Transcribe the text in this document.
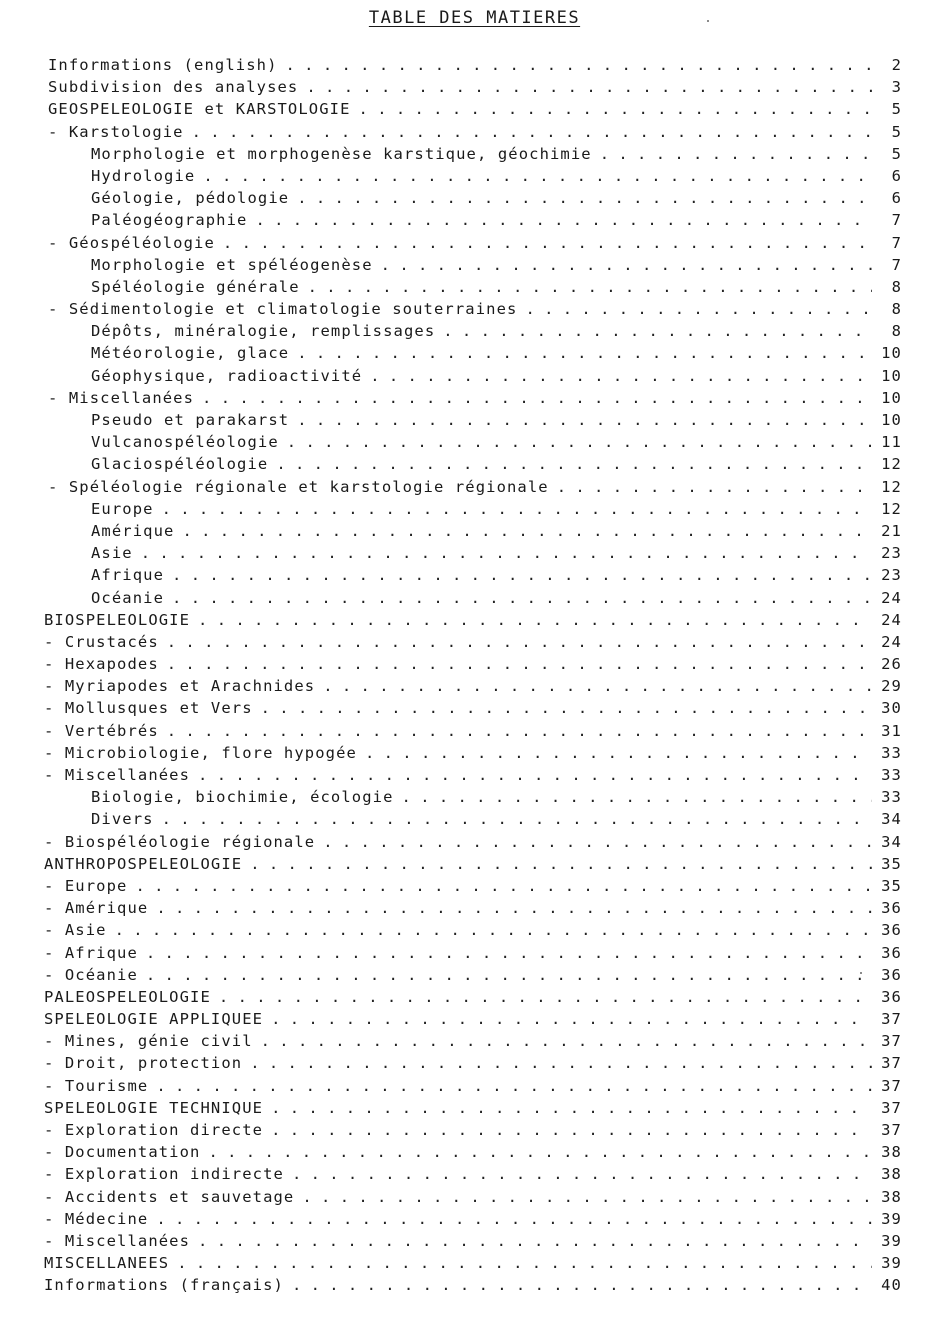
TABLE DES MATIERES
Informations (english) . . .	2
Subdivision des analyses . . .	3
GEOSPELEOLOGIE et KARSTOLOGIE . . .	5
- Karstologie . . .	5
Morphologie et morphogenèse karstique, géochimie . . .	5
Hydrologie . . .	6
Géologie, pédologie . . .	6
Paléogéographie . . .	7
- Géospéléologie . . .	7
Morphologie et spéléogenèse . . .	7
Spéléologie générale . . .	8
- Sédimentologie et climatologie souterraines . . .	8
Dépôts, minéralogie, remplissages . . .	8
Météorologie, glace . . .	10
Géophysique, radioactivité . . .	10
- Miscellanées . . .	10
Pseudo et parakarst . . .	10
Vulcanospéléologie . . .	11
Glaciospéléologie . . .	12
- Spéléologie régionale et karstologie régionale . . .	12
Europe . . .	12
Amérique . . .	21
Asie . . .	23
Afrique . . .	23
Océanie . . .	24
BIOSPELEOLOGIE . . .	24
- Crustacés . . .	24
- Hexapodes . . .	26
- Myriapodes et Arachnides . . .	29
- Mollusques et Vers . . .	30
- Vertébrés . . .	31
- Microbiologie, flore hypogée . . .	33
- Miscellanées . . .	33
Biologie, biochimie, écologie . . .	33
Divers . . .	34
- Biospéléologie régionale . . .	34
ANTHROPOSPELEOLOGIE . . .	35
- Europe . . .	35
- Amérique . . .	36
- Asie . . .	36
- Afrique . . .	36
- Océanie . . .	36
PALEOSPELEOLOGIE . . .	36
SPELEOLOGIE APPLIQUEE . . .	37
- Mines, génie civil . . .	37
- Droit, protection . . .	37
- Tourisme . . .	37
SPELEOLOGIE TECHNIQUE . . .	37
- Exploration directe . . .	37
- Documentation . . .	38
- Exploration indirecte . . .	38
- Accidents et sauvetage . . .	38
- Médecine . . .	39
- Miscellanées . . .	39
MISCELLANEES . . .	39
Informations (français) . . .	40
